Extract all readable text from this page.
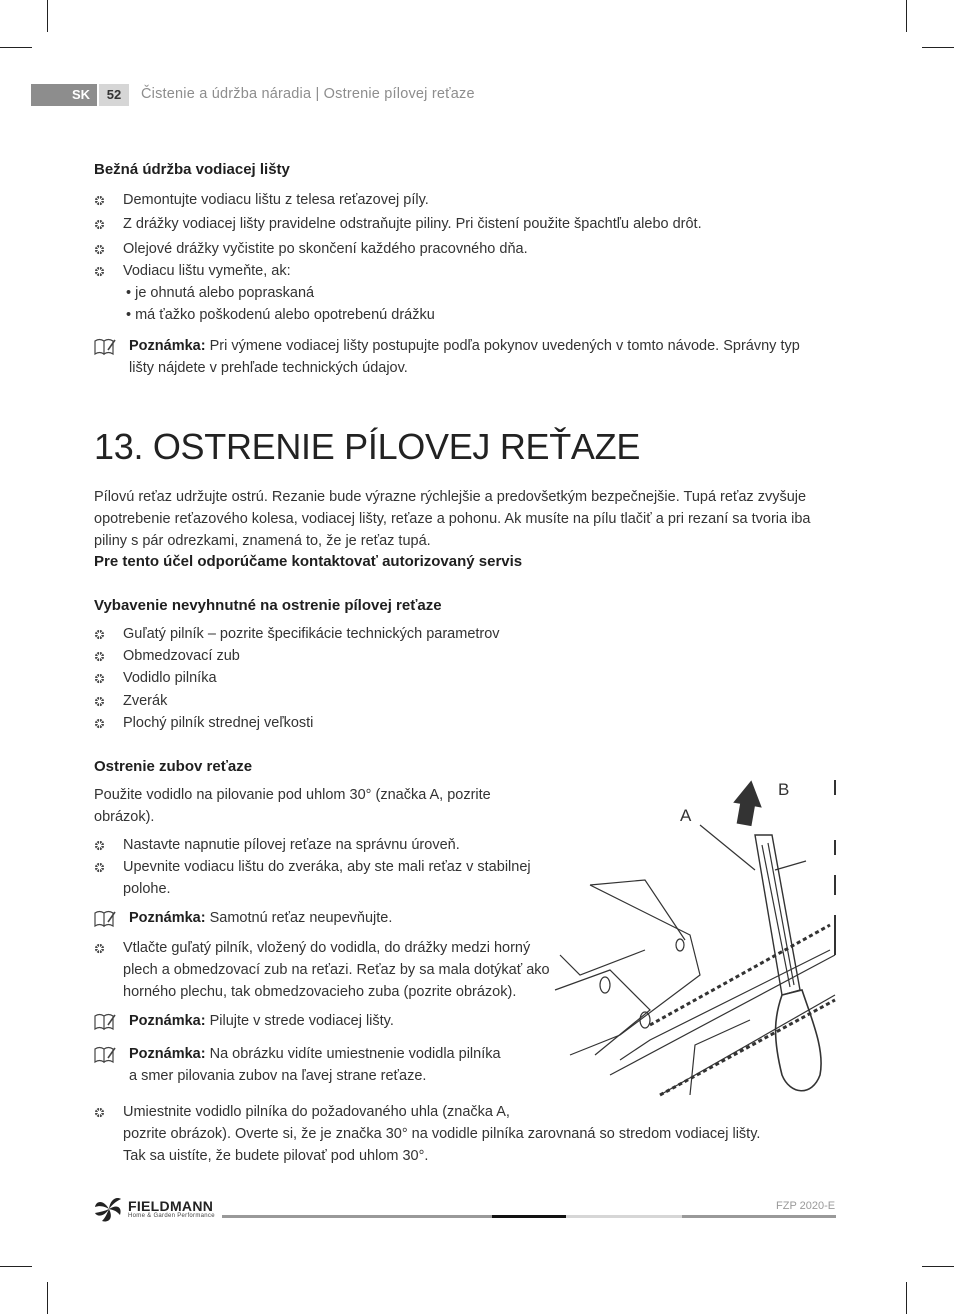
SK	52	Čistenie a údržba náradia | Ostrenie pílovej reťaze
Bežná údržba vodiacej lišty
Demontujte vodiacu lištu z telesa reťazovej píly.
Z drážky vodiacej lišty pravidelne odstraňujte piliny. Pri čistení použite špachtľu alebo drôt.
Olejové drážky vyčistite po skončení každého pracovného dňa.
Vodiacu lištu vymeňte, ak:
• je ohnutá alebo popraskaná
• má ťažko poškodenú alebo opotrebenú drážku
Poznámka: Pri výmene vodiacej lišty postupujte podľa pokynov uvedených v tomto návode. Správny typ
lišty nájdete v prehľade technických údajov.
13. OSTRENIE PÍLOVEJ REŤAZE
Pílovú reťaz udržujte ostrú. Rezanie bude výrazne rýchlejšie a predovšetkým bezpečnejšie. Tupá reťaz zvyšuje
opotrebenie reťazového kolesa, vodiacej lišty, reťaze a pohonu. Ak musíte na pílu tlačiť a pri rezaní sa tvoria iba
piliny s pár odrezkami, znamená to, že je reťaz tupá.
Pre tento účel odporúčame kontaktovať autorizovaný servis
Vybavenie nevyhnutné na ostrenie pílovej reťaze
Guľatý pilník – pozrite špecifikácie technických parametrov
Obmedzovací zub
Vodidlo pilníka
Zverák
Plochý pilník strednej veľkosti
Ostrenie zubov reťaze
Použite vodidlo na pilovanie pod uhlom 30° (značka A, pozrite
obrázok).
Nastavte napnutie pílovej reťaze na správnu úroveň.
Upevnite vodiacu lištu do zveráka, aby ste mali reťaz v stabilnej
polohe.
Poznámka: Samotnú reťaz neupevňujte.
Vtlačte guľatý pilník, vložený do vodidla, do drážky medzi horný
plech a obmedzovací zub na reťazi. Reťaz by sa mala dotýkať ako
horného plechu, tak obmedzovacieho zuba (pozrite obrázok).
Poznámka: Pilujte v strede vodiacej lišty.
Poznámka: Na obrázku vidíte umiestnenie vodidla pilníka
a smer pilovania zubov na ľavej strane reťaze.
Umiestnite vodidlo pilníka do požadovaného uhla (značka A,
pozrite obrázok). Overte si, že je značka 30° na vodidle pilníka zarovnaná so stredom vodiacej lišty.
Tak sa uistíte, že budete pilovať pod uhlom 30°.
A
B
FIELDMANN
Home & Garden Performance
FZP 2020-E
